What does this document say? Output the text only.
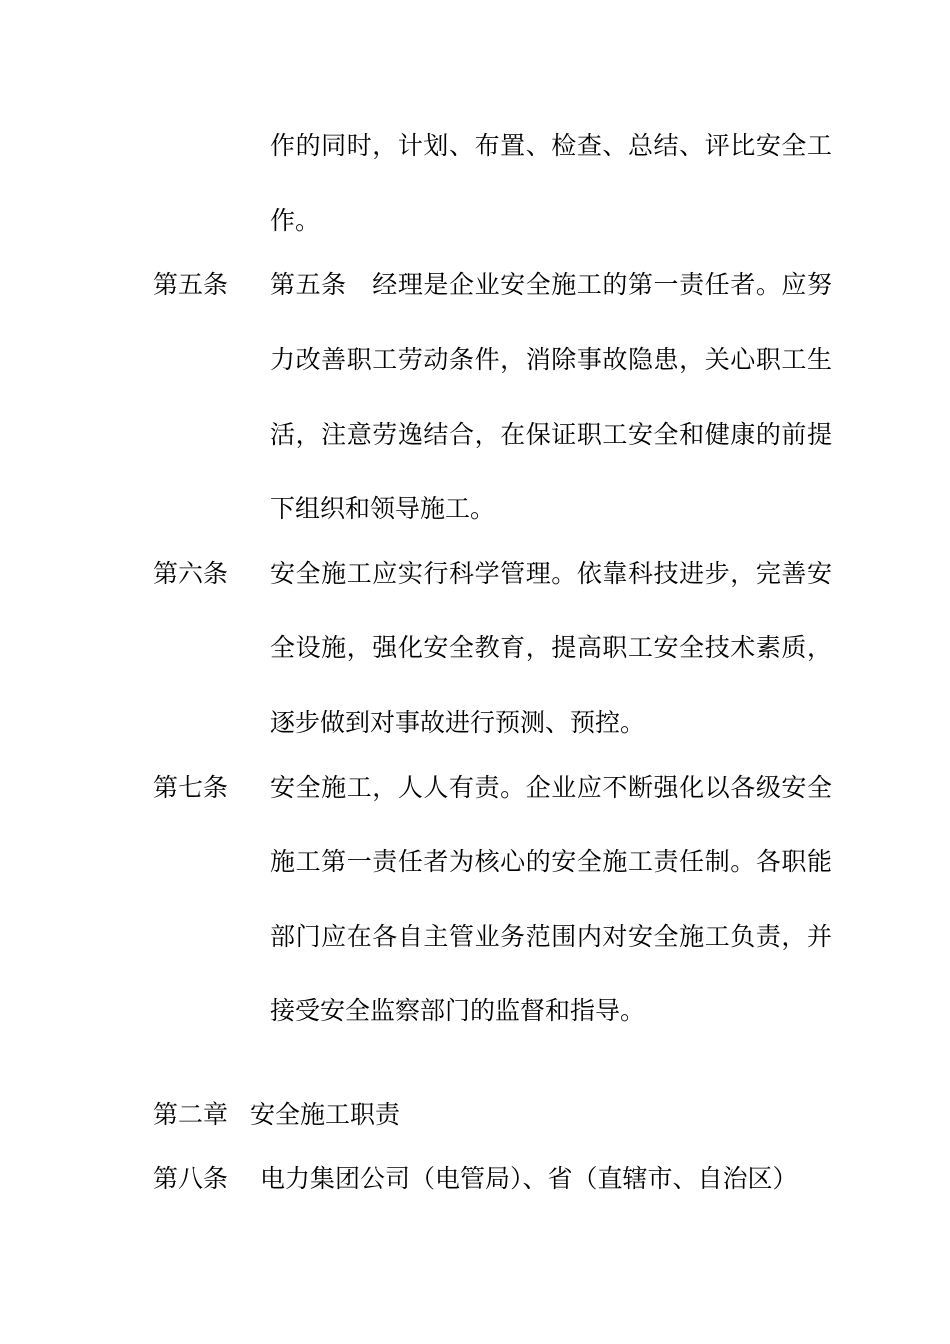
作的同时，计划、布置、检查、总结、评比安全工
作。
第五条 第五条　经理是企业安全施工的第一责任者。应努
力改善职工劳动条件，消除事故隐患，关心职工生
活，注意劳逸结合，在保证职工安全和健康的前提
下组织和领导施工。
第六条 安全施工应实行科学管理。依靠科技进步，完善安
全设施，强化安全教育，提高职工安全技术素质，
逐步做到对事故进行预测、预控。
第七条 安全施工，人人有责。企业应不断强化以各级安全
施工第一责任者为核心的安全施工责任制。各职能
部门应在各自主管业务范围内对安全施工负责，并
接受安全监察部门的监督和指导。
第二章 安全施工职责
第八条 电力集团公司（电管局）、省（直辖市、自治区）
